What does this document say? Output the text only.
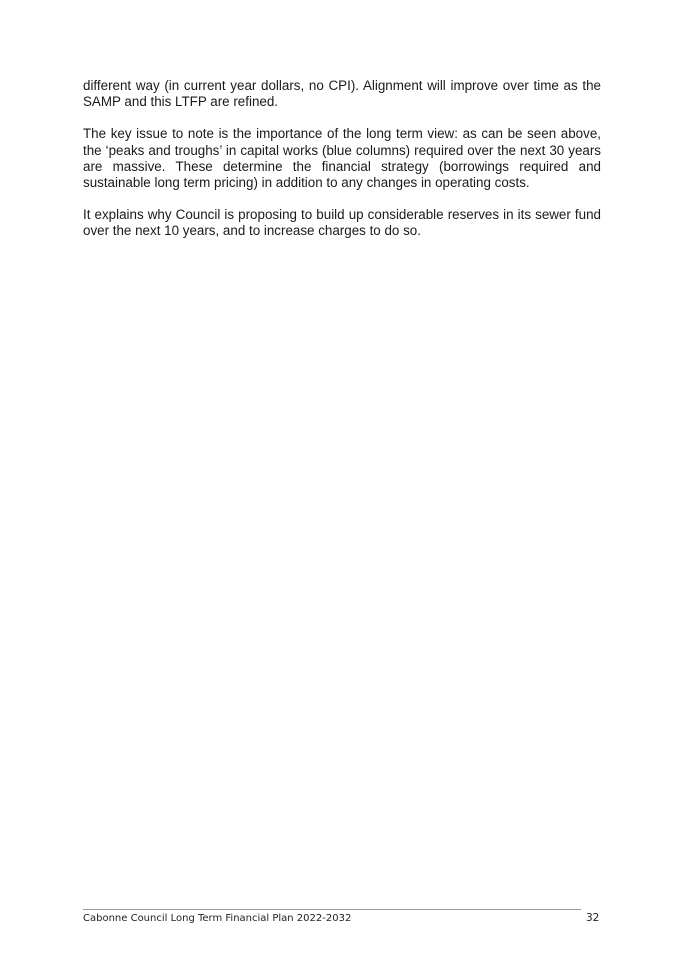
different way (in current year dollars, no CPI). Alignment will improve over time as the SAMP and this LTFP are refined.

The key issue to note is the importance of the long term view: as can be seen above, the ‘peaks and troughs’ in capital works (blue columns) required over the next 30 years are massive. These determine the financial strategy (borrowings required and sustainable long term pricing) in addition to any changes in operating costs.

It explains why Council is proposing to build up considerable reserves in its sewer fund over the next 10 years, and to increase charges to do so.

Cabonne Council Long Term Financial Plan 2022-2032	32
